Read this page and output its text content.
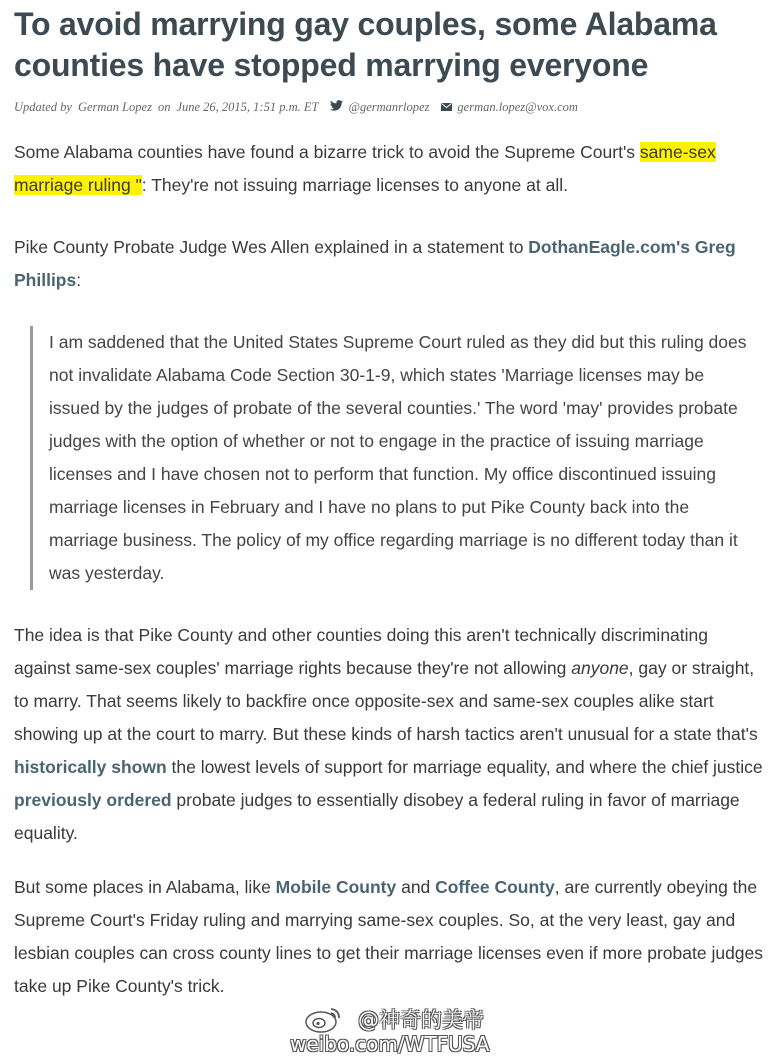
To avoid marrying gay couples, some Alabama counties have stopped marrying everyone
Updated by German Lopez on June 26, 2015, 1:51 p.m. ET @germanrlopez german.lopez@vox.com

Some Alabama counties have found a bizarre trick to avoid the Supreme Court's same-sex marriage ruling ": They're not issuing marriage licenses to anyone at all.

Pike County Probate Judge Wes Allen explained in a statement to DothanEagle.com's Greg Phillips:

I am saddened that the United States Supreme Court ruled as they did but this ruling does not invalidate Alabama Code Section 30-1-9, which states 'Marriage licenses may be issued by the judges of probate of the several counties.' The word 'may' provides probate judges with the option of whether or not to engage in the practice of issuing marriage licenses and I have chosen not to perform that function. My office discontinued issuing marriage licenses in February and I have no plans to put Pike County back into the marriage business. The policy of my office regarding marriage is no different today than it was yesterday.

The idea is that Pike County and other counties doing this aren't technically discriminating against same-sex couples' marriage rights because they're not allowing anyone, gay or straight, to marry. That seems likely to backfire once opposite-sex and same-sex couples alike start showing up at the court to marry. But these kinds of harsh tactics aren't unusual for a state that's historically shown the lowest levels of support for marriage equality, and where the chief justice previously ordered probate judges to essentially disobey a federal ruling in favor of marriage equality.

But some places in Alabama, like Mobile County and Coffee County, are currently obeying the Supreme Court's Friday ruling and marrying same-sex couples. So, at the very least, gay and lesbian couples can cross county lines to get their marriage licenses even if more probate judges take up Pike County's trick.

@神奇的美帝
weibo.com/WTFUSA
